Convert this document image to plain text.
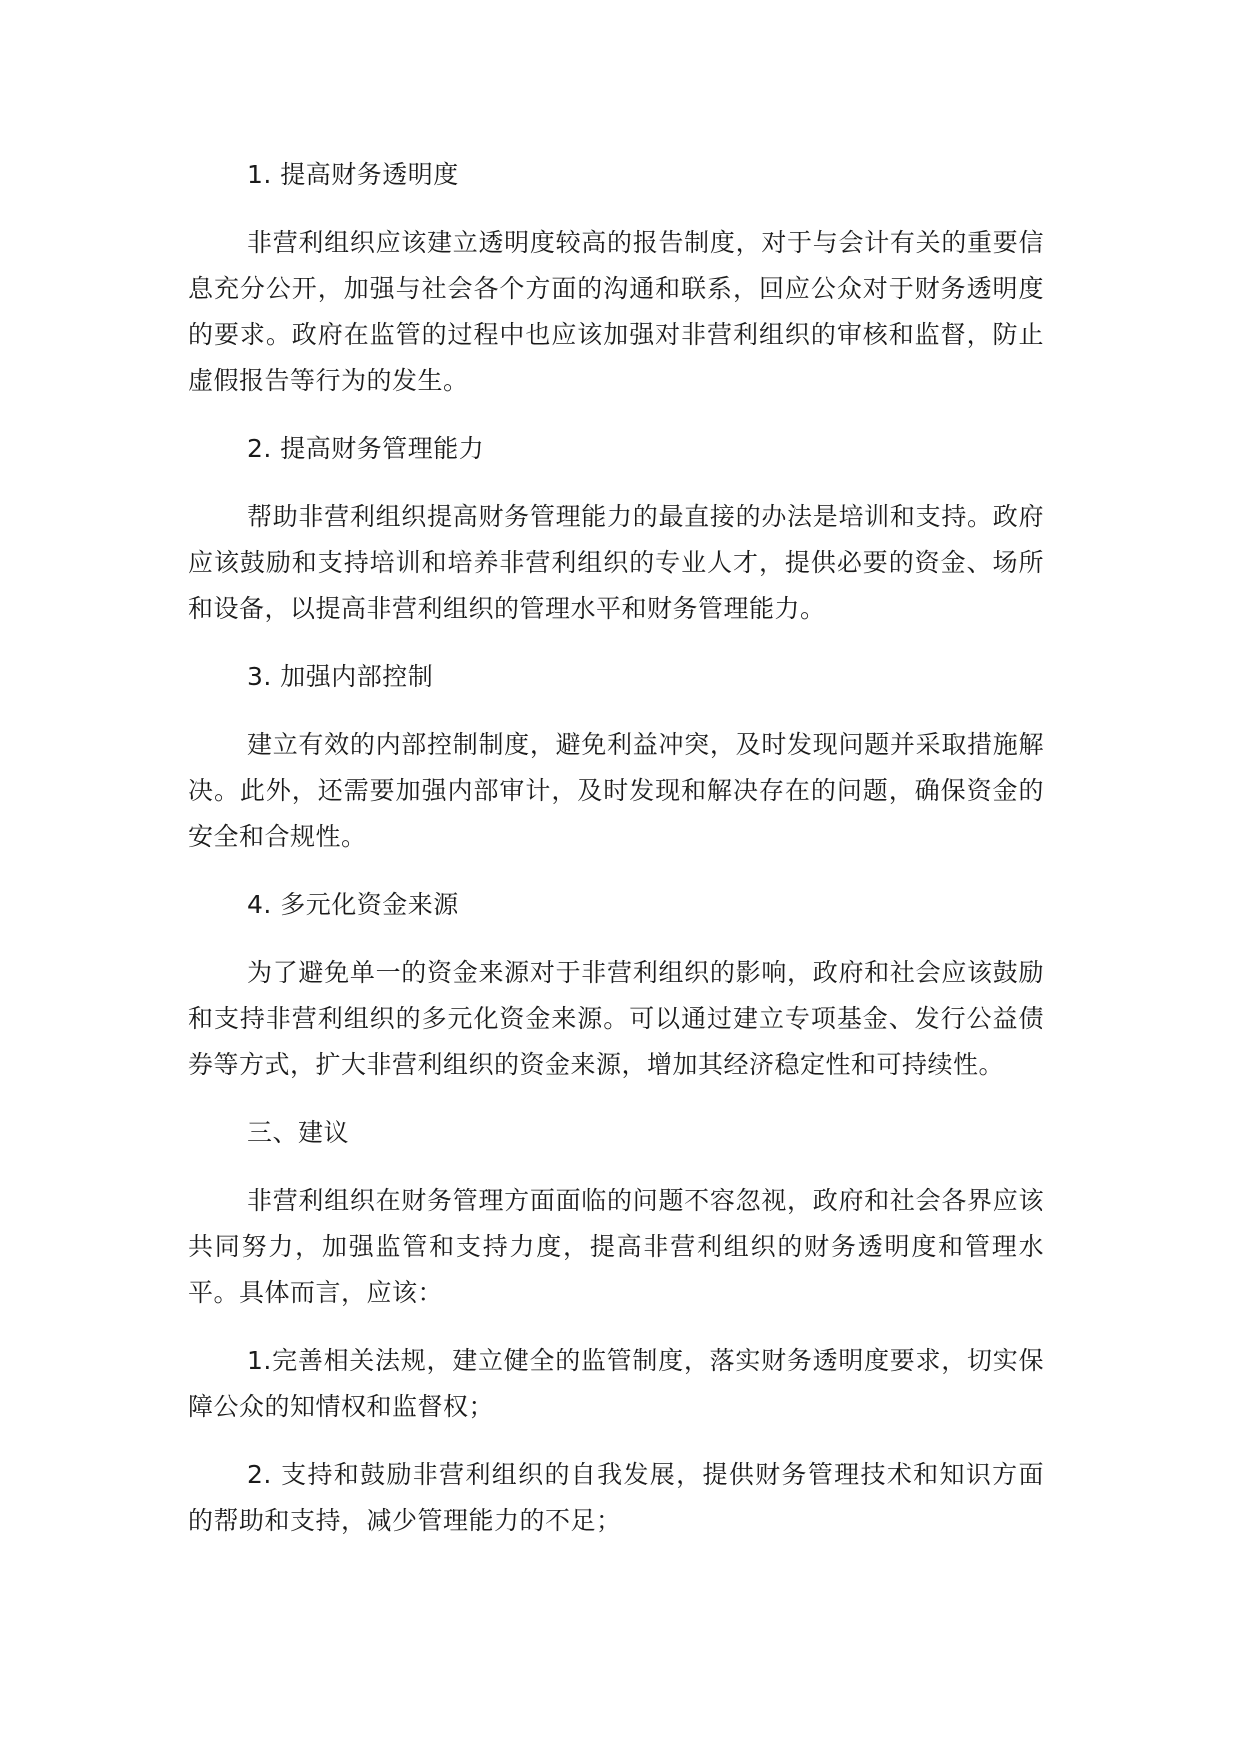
1. 提高财务透明度

非营利组织应该建立透明度较高的报告制度，对于与会计有关的重要信息充分公开，加强与社会各个方面的沟通和联系，回应公众对于财务透明度的要求。政府在监管的过程中也应该加强对非营利组织的审核和监督，防止虚假报告等行为的发生。

2. 提高财务管理能力

帮助非营利组织提高财务管理能力的最直接的办法是培训和支持。政府应该鼓励和支持培训和培养非营利组织的专业人才，提供必要的资金、场所和设备，以提高非营利组织的管理水平和财务管理能力。

3. 加强内部控制

建立有效的内部控制制度，避免利益冲突，及时发现问题并采取措施解决。此外，还需要加强内部审计，及时发现和解决存在的问题，确保资金的安全和合规性。

4. 多元化资金来源

为了避免单一的资金来源对于非营利组织的影响，政府和社会应该鼓励和支持非营利组织的多元化资金来源。可以通过建立专项基金、发行公益债券等方式，扩大非营利组织的资金来源，增加其经济稳定性和可持续性。

三、建议

非营利组织在财务管理方面面临的问题不容忽视，政府和社会各界应该共同努力，加强监管和支持力度，提高非营利组织的财务透明度和管理水平。具体而言，应该：

1.完善相关法规，建立健全的监管制度，落实财务透明度要求，切实保障公众的知情权和监督权；

2. 支持和鼓励非营利组织的自我发展，提供财务管理技术和知识方面的帮助和支持，减少管理能力的不足；
